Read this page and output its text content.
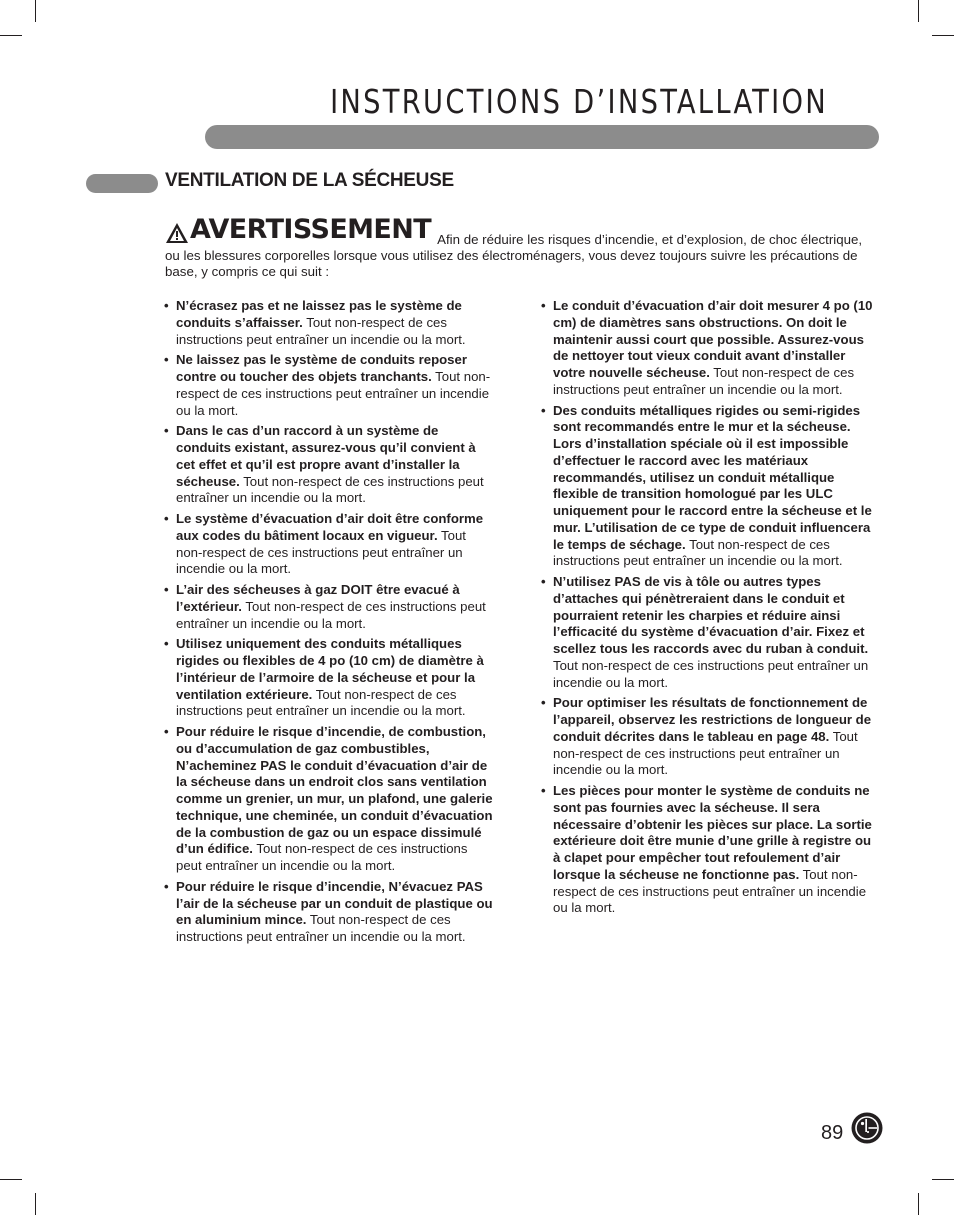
INSTRUCTIONS D’INSTALLATION
VENTILATION DE LA SÉCHEUSE
AVERTISSEMENT Afin de réduire les risques d’incendie, et d’explosion, de choc électrique, ou les blessures corporelles lorsque vous utilisez des électroménagers, vous devez toujours suivre les précautions de base, y compris ce qui suit :
• N’écrasez pas et ne laissez pas le système de conduits s’affaisser. Tout non-respect de ces instructions peut entraîner un incendie ou la mort.
• Ne laissez pas le système de conduits reposer contre ou toucher des objets tranchants. Tout non-respect de ces instructions peut entraîner un incendie ou la mort.
• Dans le cas d’un raccord à un système de conduits existant, assurez-vous qu’il convient à cet effet et qu’il est propre avant d’installer la sécheuse. Tout non-respect de ces instructions peut entraîner un incendie ou la mort.
• Le système d’évacuation d’air doit être conforme aux codes du bâtiment locaux en vigueur. Tout non-respect de ces instructions peut entraîner un incendie ou la mort.
• L’air des sécheuses à gaz DOIT être evacué à l’extérieur. Tout non-respect de ces instructions peut entraîner un incendie ou la mort.
• Utilisez uniquement des conduits métalliques rigides ou flexibles de 4 po (10 cm) de diamètre à l’intérieur de l’armoire de la sécheuse et pour la ventilation extérieure. Tout non-respect de ces instructions peut entraîner un incendie ou la mort.
• Pour réduire le risque d’incendie, de combustion, ou d’accumulation de gaz combustibles, N’acheminez PAS le conduit d’évacuation d’air de la sécheuse dans un endroit clos sans ventilation comme un grenier, un mur, un plafond, une galerie technique, une cheminée, un conduit d’évacuation de la combustion de gaz ou un espace dissimulé d’un édifice. Tout non-respect de ces instructions peut entraîner un incendie ou la mort.
• Pour réduire le risque d’incendie, N’évacuez PAS l’air de la sécheuse par un conduit de plastique ou en aluminium mince. Tout non-respect de ces instructions peut entraîner un incendie ou la mort.
• Le conduit d’évacuation d’air doit mesurer 4 po (10 cm) de diamètres sans obstructions. On doit le maintenir aussi court que possible. Assurez-vous de nettoyer tout vieux conduit avant d’installer votre nouvelle sécheuse. Tout non-respect de ces instructions peut entraîner un incendie ou la mort.
• Des conduits métalliques rigides ou semi-rigides sont recommandés entre le mur et la sécheuse. Lors d’installation spéciale où il est impossible d’effectuer le raccord avec les matériaux recommandés, utilisez un conduit métallique flexible de transition homologué par les ULC uniquement pour le raccord entre la sécheuse et le mur. L’utilisation de ce type de conduit influencera le temps de séchage. Tout non-respect de ces instructions peut entraîner un incendie ou la mort.
• N’utilisez PAS de vis à tôle ou autres types d’attaches qui pénètreraient dans le conduit et pourraient retenir les charpies et réduire ainsi l’efficacité du système d’évacuation d’air. Fixez et scellez tous les raccords avec du ruban à conduit. Tout non-respect de ces instructions peut entraîner un incendie ou la mort.
• Pour optimiser les résultats de fonctionnement de l’appareil, observez les restrictions de longueur de conduit décrites dans le tableau en page 48. Tout non-respect de ces instructions peut entraîner un incendie ou la mort.
• Les pièces pour monter le système de conduits ne sont pas fournies avec la sécheuse. Il sera nécessaire d’obtenir les pièces sur place. La sortie extérieure doit être munie d’une grille à registre ou à clapet pour empêcher tout refoulement d’air lorsque la sécheuse ne fonctionne pas. Tout non-respect de ces instructions peut entraîner un incendie ou la mort.
89
